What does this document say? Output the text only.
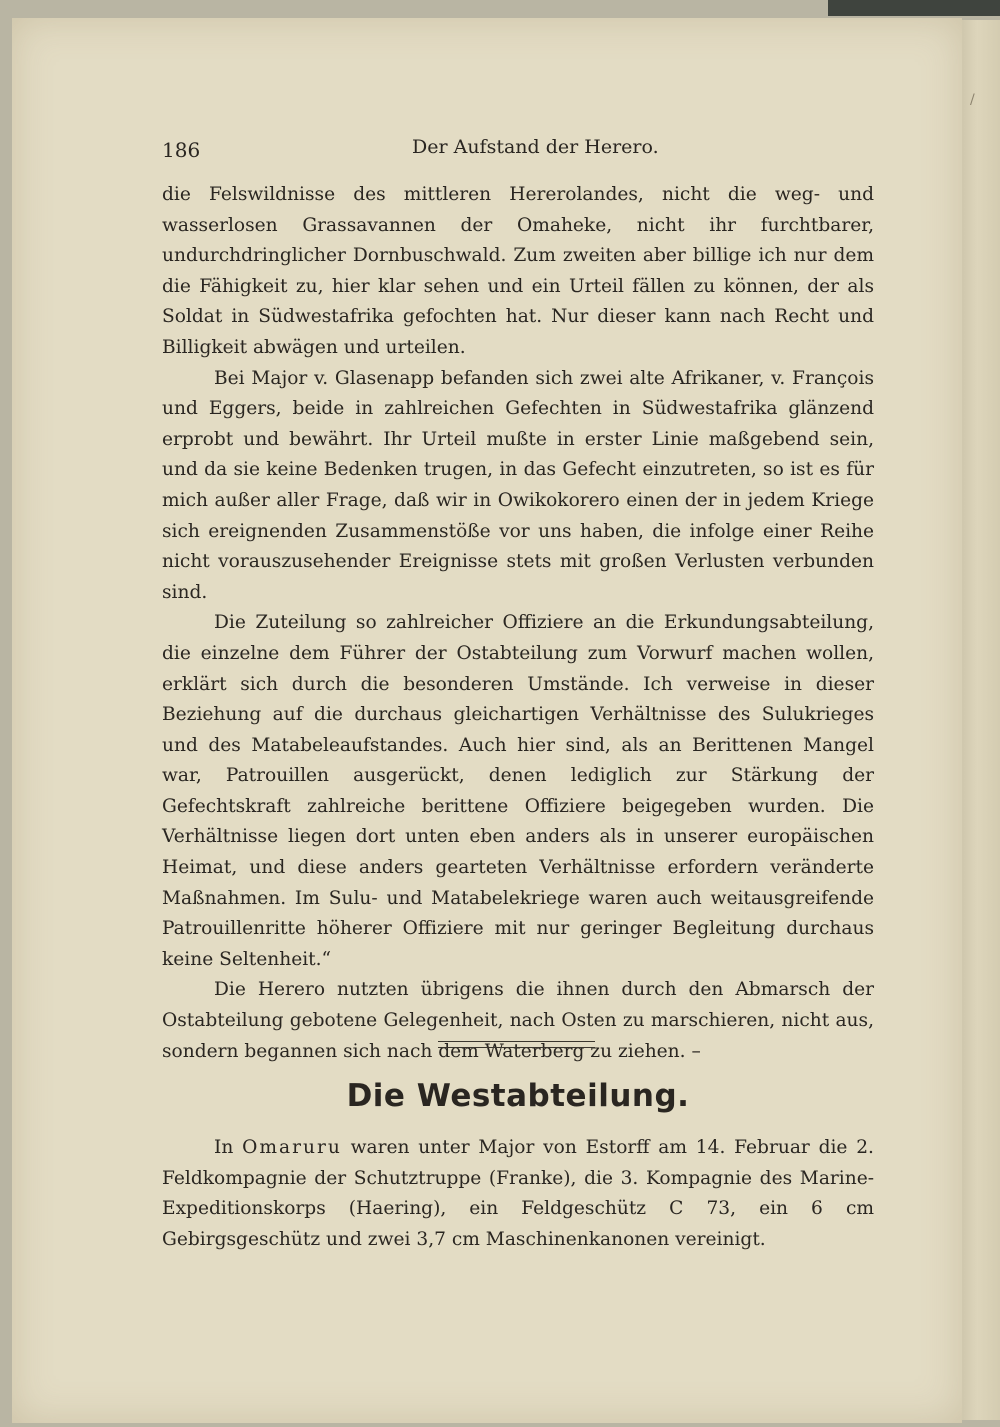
/
186	Der Aufstand der Herero.

die Felswildnisse des mittleren Hererolandes, nicht die weg- und wasserlosen Grassavannen der Omaheke, nicht ihr furchtbarer, undurchdringlicher Dornbuschwald. Zum zweiten aber billige ich nur dem die Fähigkeit zu, hier klar sehen und ein Urteil fällen zu können, der als Soldat in Südwestafrika gefochten hat. Nur dieser kann nach Recht und Billigkeit abwägen und urteilen.

Bei Major v. Glasenapp befanden sich zwei alte Afrikaner, v. François und Eggers, beide in zahlreichen Gefechten in Südwestafrika glänzend erprobt und bewährt. Ihr Urteil mußte in erster Linie maßgebend sein, und da sie keine Bedenken trugen, in das Gefecht einzutreten, so ist es für mich außer aller Frage, daß wir in Owikokorero einen der in jedem Kriege sich ereignenden Zusammenstöße vor uns haben, die infolge einer Reihe nicht vorauszusehender Ereignisse stets mit großen Verlusten verbunden sind.

Die Zuteilung so zahlreicher Offiziere an die Erkundungsabteilung, die einzelne dem Führer der Ostabteilung zum Vorwurf machen wollen, erklärt sich durch die besonderen Umstände. Ich verweise in dieser Beziehung auf die durchaus gleichartigen Verhältnisse des Sulukrieges und des Matabeleaufstandes. Auch hier sind, als an Berittenen Mangel war, Patrouillen ausgerückt, denen lediglich zur Stärkung der Gefechtskraft zahlreiche berittene Offiziere beigegeben wurden. Die Verhältnisse liegen dort unten eben anders als in unserer europäischen Heimat, und diese anders gearteten Verhältnisse erfordern veränderte Maßnahmen. Im Sulu- und Matabelekriege waren auch weitausgreifende Patrouillenritte höherer Offiziere mit nur geringer Begleitung durchaus keine Seltenheit.“

Die Herero nutzten übrigens die ihnen durch den Abmarsch der Ostabteilung gebotene Gelegenheit, nach Osten zu marschieren, nicht aus, sondern begannen sich nach dem Waterberg zu ziehen. –

Die Westabteilung.

In Omaruru waren unter Major von Estorff am 14. Februar die 2. Feldkompagnie der Schutztruppe (Franke), die 3. Kompagnie des Marine-Expeditionskorps (Haering), ein Feldgeschütz C 73, ein 6 cm Gebirgsgeschütz und zwei 3,7 cm Maschinenkanonen vereinigt.
